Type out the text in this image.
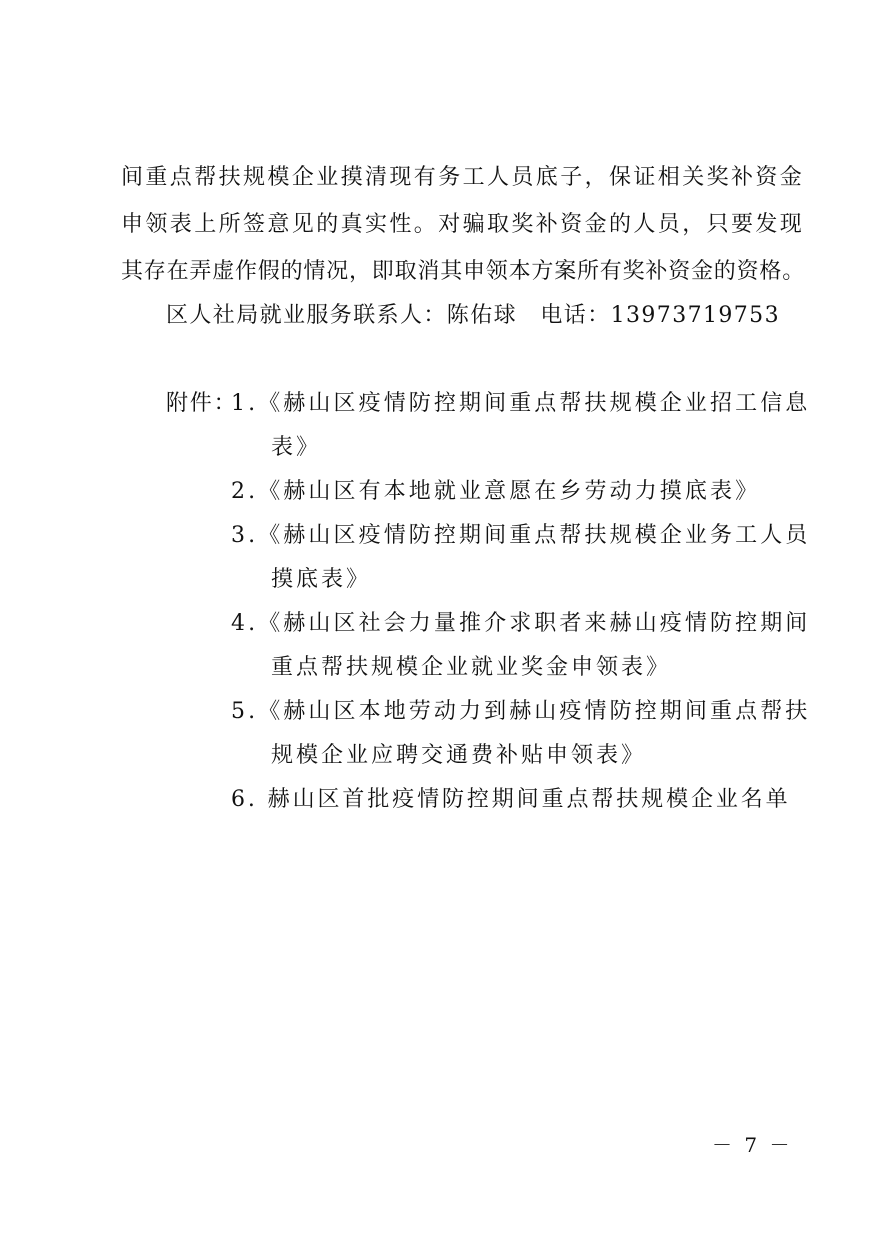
间重点帮扶规模企业摸清现有务工人员底子，保证相关奖补资金
申领表上所签意见的真实性。对骗取奖补资金的人员，只要发现
其存在弄虚作假的情况，即取消其申领本方案所有奖补资金的资格。
区人社局就业服务联系人：陈佑球　电话：13973719753
附件：
1.《赫山区疫情防控期间重点帮扶规模企业招工信息
表》
2.《赫山区有本地就业意愿在乡劳动力摸底表》
3.《赫山区疫情防控期间重点帮扶规模企业务工人员
摸底表》
4.《赫山区社会力量推介求职者来赫山疫情防控期间
重点帮扶规模企业就业奖金申领表》
5.《赫山区本地劳动力到赫山疫情防控期间重点帮扶
规模企业应聘交通费补贴申领表》
6. 赫山区首批疫情防控期间重点帮扶规模企业名单
－ 7 －
